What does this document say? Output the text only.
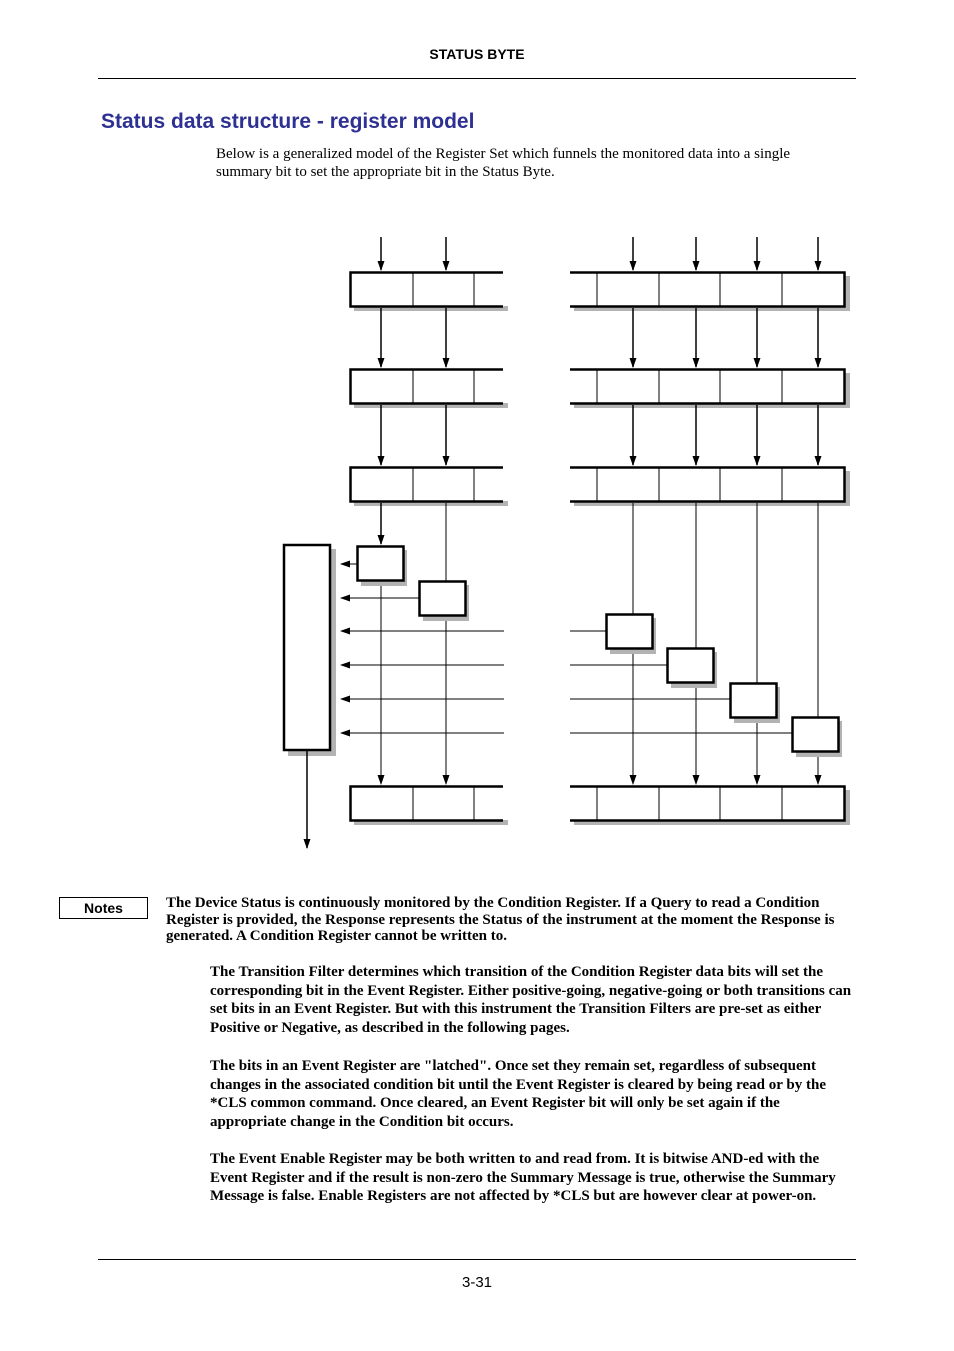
STATUS BYTE
Status data structure - register model
Below is a generalized model of the Register Set which funnels the monitored data into a single summary bit to set the appropriate bit in the Status Byte.
Notes	The Device Status is continuously monitored by the Condition Register. If a Query to read a Condition Register is provided, the Response represents the Status of the instrument at the moment the Response is generated. A Condition Register cannot be written to.

The Transition Filter determines which transition of the Condition Register data bits will set the corresponding bit in the Event Register. Either positive-going, negative-going or both transitions can set bits in an Event Register. But with this instrument the Transition Filters are pre-set as either Positive or Negative, as described in the following pages.

The bits in an Event Register are "latched". Once set they remain set, regardless of subsequent changes in the associated condition bit until the Event Register is cleared by being read or by the *CLS common command. Once cleared, an Event Register bit will only be set again if the appropriate change in the Condition bit occurs.

The Event Enable Register may be both written to and read from. It is bitwise AND-ed with the Event Register and if the result is non-zero the Summary Message is true, otherwise the Summary Message is false. Enable Registers are not affected by *CLS but are however clear at power-on.

3-31
